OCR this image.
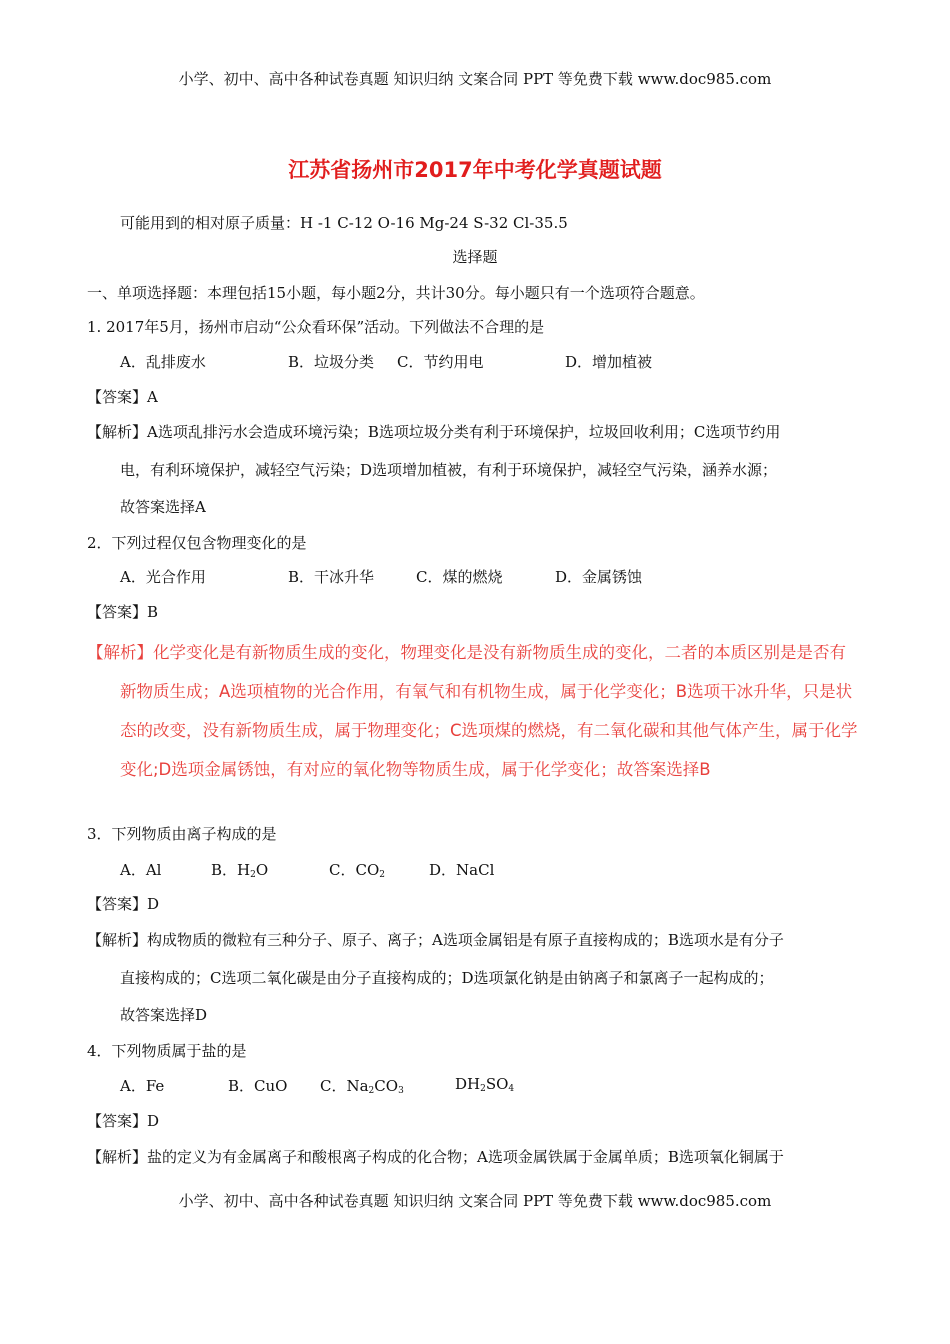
小学、初中、高中各种试卷真题 知识归纳 文案合同 PPT 等免费下载 www.doc985.com
江苏省扬州市2017年中考化学真题试题
可能用到的相对原子质量：H -1 C-12 O-16 Mg-24 S-32 Cl-35.5
选择题
一、单项选择题：本理包括15小题，每小题2分，共计30分。每小题只有一个选项符合题意。
1. 2017年5月，扬州市启动“公众看环保”活动。下列做法不合理的是
A．乱排废水	B．垃圾分类 C．节约用电	D．增加植被
【答案】A
【解析】A选项乱排污水会造成环境污染；B选项垃圾分类有利于环境保护，垃圾回收利用；C选项节约用
电，有利环境保护，减轻空气污染；D选项增加植被，有利于环境保护，减轻空气污染，涵养水源；
故答案选择A
2．下列过程仅包含物理变化的是
A．光合作用	B．干冰升华	C．煤的燃烧	D．金属锈蚀
【答案】B
【解析】化学变化是有新物质生成的变化，物理变化是没有新物质生成的变化，二者的本质区别是是否有
新物质生成；A选项植物的光合作用，有氧气和有机物生成，属于化学变化；B选项干冰升华，只是状
态的改变，没有新物质生成，属于物理变化；C选项煤的燃烧，有二氧化碳和其他气体产生，属于化学
变化;D选项金属锈蚀，有对应的氧化物等物质生成，属于化学变化；故答案选择B
3．下列物质由离子构成的是
A．Al	B．$H_2O$	C．$CO_2$	D．NaCl
【答案】D
【解析】构成物质的微粒有三种分子、原子、离子；A选项金属铝是有原子直接构成的；B选项水是有分子
直接构成的；C选项二氧化碳是由分子直接构成的；D选项氯化钠是由钠离子和氯离子一起构成的；
故答案选择D
4．下列物质属于盐的是
A．Fe	B．CuO C．$Na_2CO_3$	$DH_2SO_4$
【答案】D
【解析】盐的定义为有金属离子和酸根离子构成的化合物；A选项金属铁属于金属单质；B选项氧化铜属于
小学、初中、高中各种试卷真题 知识归纳 文案合同 PPT 等免费下载 www.doc985.com
